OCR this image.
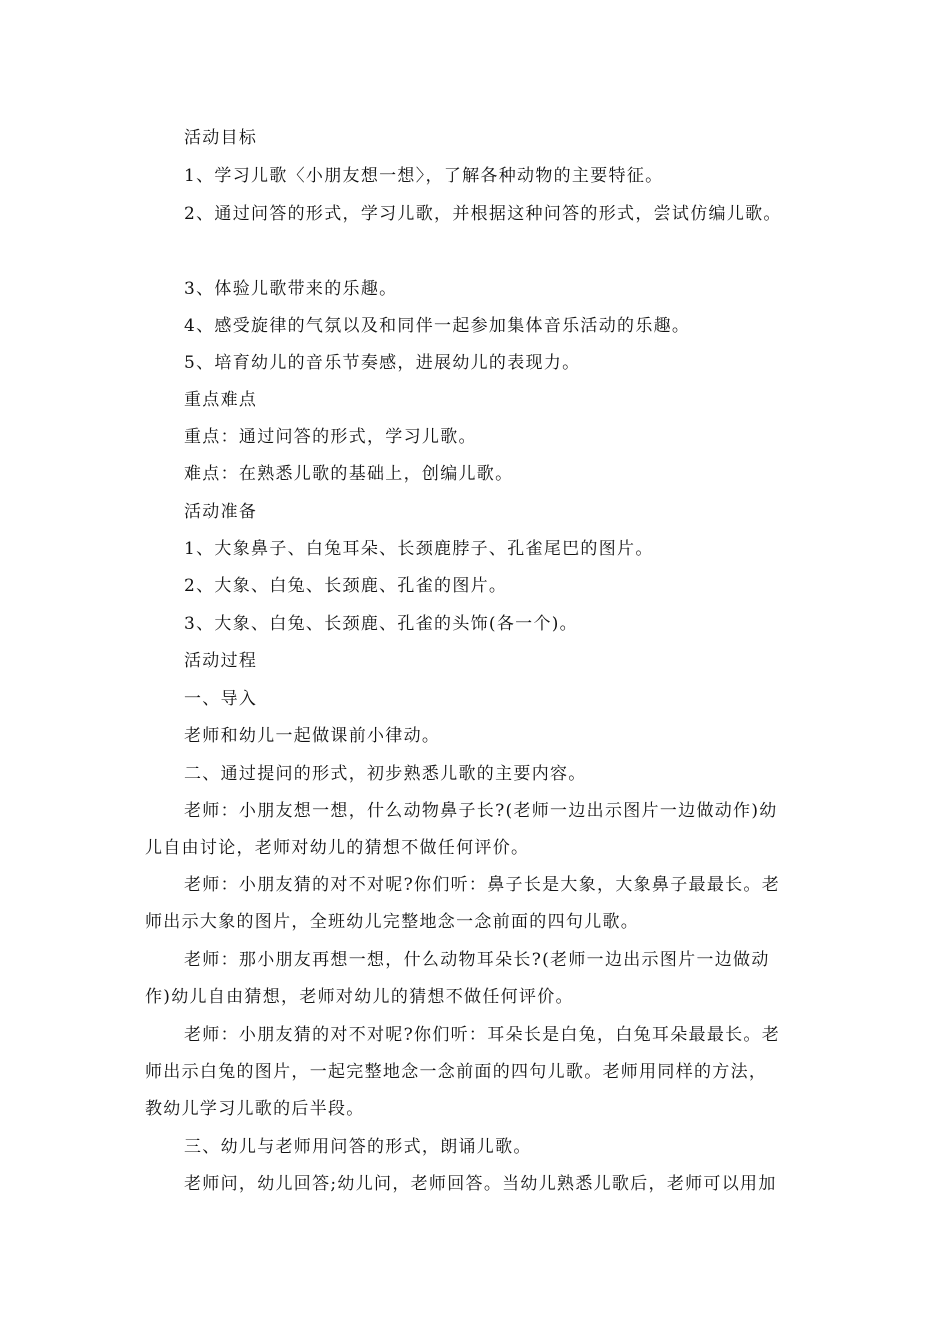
活动目标
1、学习儿歌〈小朋友想一想〉，了解各种动物的主要特征。
2、通过问答的形式，学习儿歌，并根据这种问答的形式，尝试仿编儿歌。
3、体验儿歌带来的乐趣。
4、感受旋律的气氛以及和同伴一起参加集体音乐活动的乐趣。
5、培育幼儿的音乐节奏感，进展幼儿的表现力。
重点难点
重点：通过问答的形式，学习儿歌。
难点：在熟悉儿歌的基础上，创编儿歌。
活动准备
1、大象鼻子、白兔耳朵、长颈鹿脖子、孔雀尾巴的图片。
2、大象、白兔、长颈鹿、孔雀的图片。
3、大象、白兔、长颈鹿、孔雀的头饰(各一个)。
活动过程
一、导入
老师和幼儿一起做课前小律动。
二、通过提问的形式，初步熟悉儿歌的主要内容。
老师：小朋友想一想，什么动物鼻子长?(老师一边出示图片一边做动作)幼
儿自由讨论，老师对幼儿的猜想不做任何评价。
老师：小朋友猜的对不对呢?你们听：鼻子长是大象，大象鼻子最最长。老
师出示大象的图片，全班幼儿完整地念一念前面的四句儿歌。
老师：那小朋友再想一想，什么动物耳朵长?(老师一边出示图片一边做动
作)幼儿自由猜想，老师对幼儿的猜想不做任何评价。
老师：小朋友猜的对不对呢?你们听：耳朵长是白兔，白兔耳朵最最长。老
师出示白兔的图片，一起完整地念一念前面的四句儿歌。老师用同样的方法，
教幼儿学习儿歌的后半段。
三、幼儿与老师用问答的形式，朗诵儿歌。
老师问，幼儿回答;幼儿问，老师回答。当幼儿熟悉儿歌后，老师可以用加
